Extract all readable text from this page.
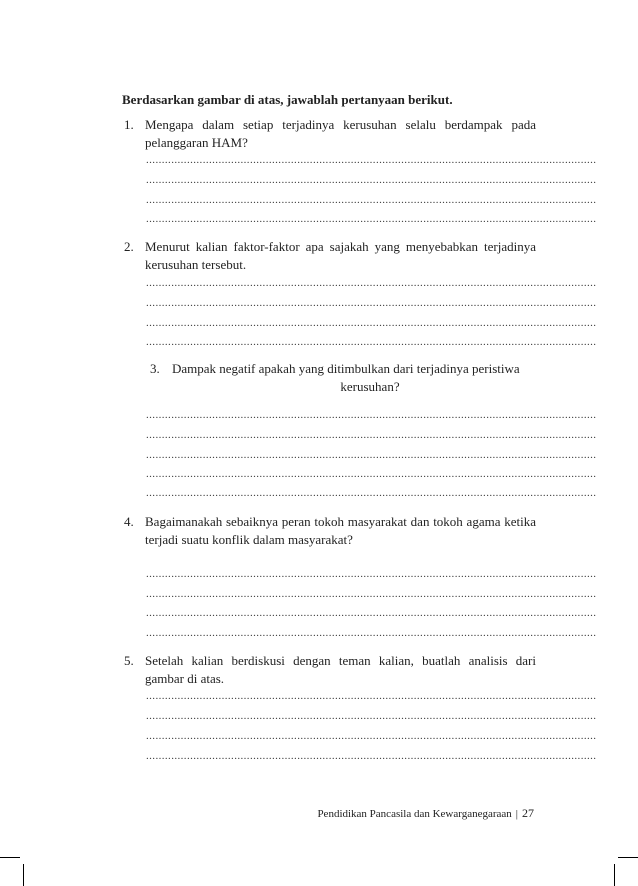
Berdasarkan gambar di atas, jawablah pertanyaan berikut.
1. Mengapa dalam setiap terjadinya kerusuhan selalu berdampak pada pelanggaran HAM?
...............................................................................................................................................
...............................................................................................................................................
...............................................................................................................................................
...............................................................................................................................................
2. Menurut kalian faktor-faktor apa sajakah yang menyebabkan terjadinya kerusuhan tersebut.
...............................................................................................................................................
...............................................................................................................................................
...............................................................................................................................................
...............................................................................................................................................
3. Dampak negatif apakah yang ditimbulkan dari terjadinya peristiwa
kerusuhan?
...............................................................................................................................................
...............................................................................................................................................
...............................................................................................................................................
...............................................................................................................................................
...............................................................................................................................................
4. Bagaimanakah sebaiknya peran tokoh masyarakat dan tokoh agama ketika terjadi suatu konflik dalam masyarakat?
...............................................................................................................................................
...............................................................................................................................................
...............................................................................................................................................
...............................................................................................................................................
5. Setelah kalian berdiskusi dengan teman kalian, buatlah analisis dari gambar di atas.
...............................................................................................................................................
...............................................................................................................................................
...............................................................................................................................................
...............................................................................................................................................
Pendidikan Pancasila dan Kewarganegaraan | 27
